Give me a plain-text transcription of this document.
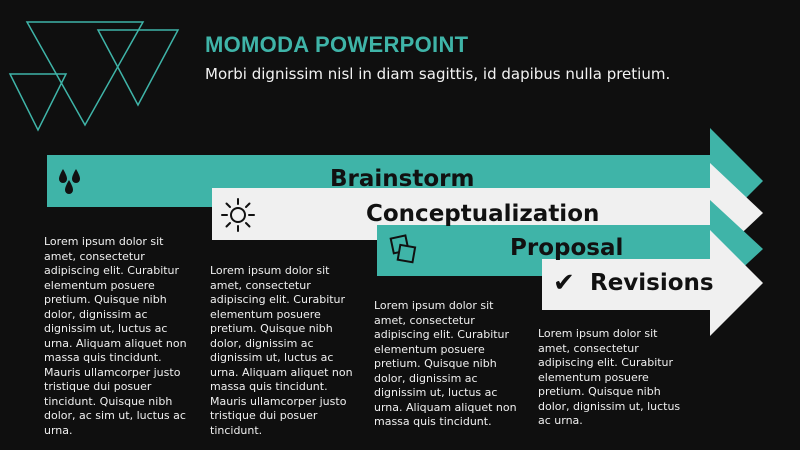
MOMODA POWERPOINT
Morbi dignissim nisl in diam sagittis, id dapibus nulla pretium.
✔
Brainstorm
Conceptualization
Proposal
Revisions
Lorem ipsum dolor sit amet, consectetur adipiscing elit. Curabitur elementum posuere pretium. Quisque nibh dolor, dignissim ac dignissim ut, luctus ac urna. Aliquam aliquet non massa quis tincidunt. Mauris ullamcorper justo tristique dui posuer tincidunt. Quisque nibh dolor, ac sim ut, luctus ac urna.
Lorem ipsum dolor sit amet, consectetur adipiscing elit. Curabitur elementum posuere pretium. Quisque nibh dolor, dignissim ac dignissim ut, luctus ac urna. Aliquam aliquet non massa quis tincidunt. Mauris ullamcorper justo tristique dui posuer tincidunt.
Lorem ipsum dolor sit amet, consectetur adipiscing elit. Curabitur elementum posuere pretium. Quisque nibh dolor, dignissim ac dignissim ut, luctus ac urna. Aliquam aliquet non massa quis tincidunt.
Lorem ipsum dolor sit amet, consectetur adipiscing elit. Curabitur elementum posuere pretium. Quisque nibh dolor, dignissim ut, luctus ac urna.
